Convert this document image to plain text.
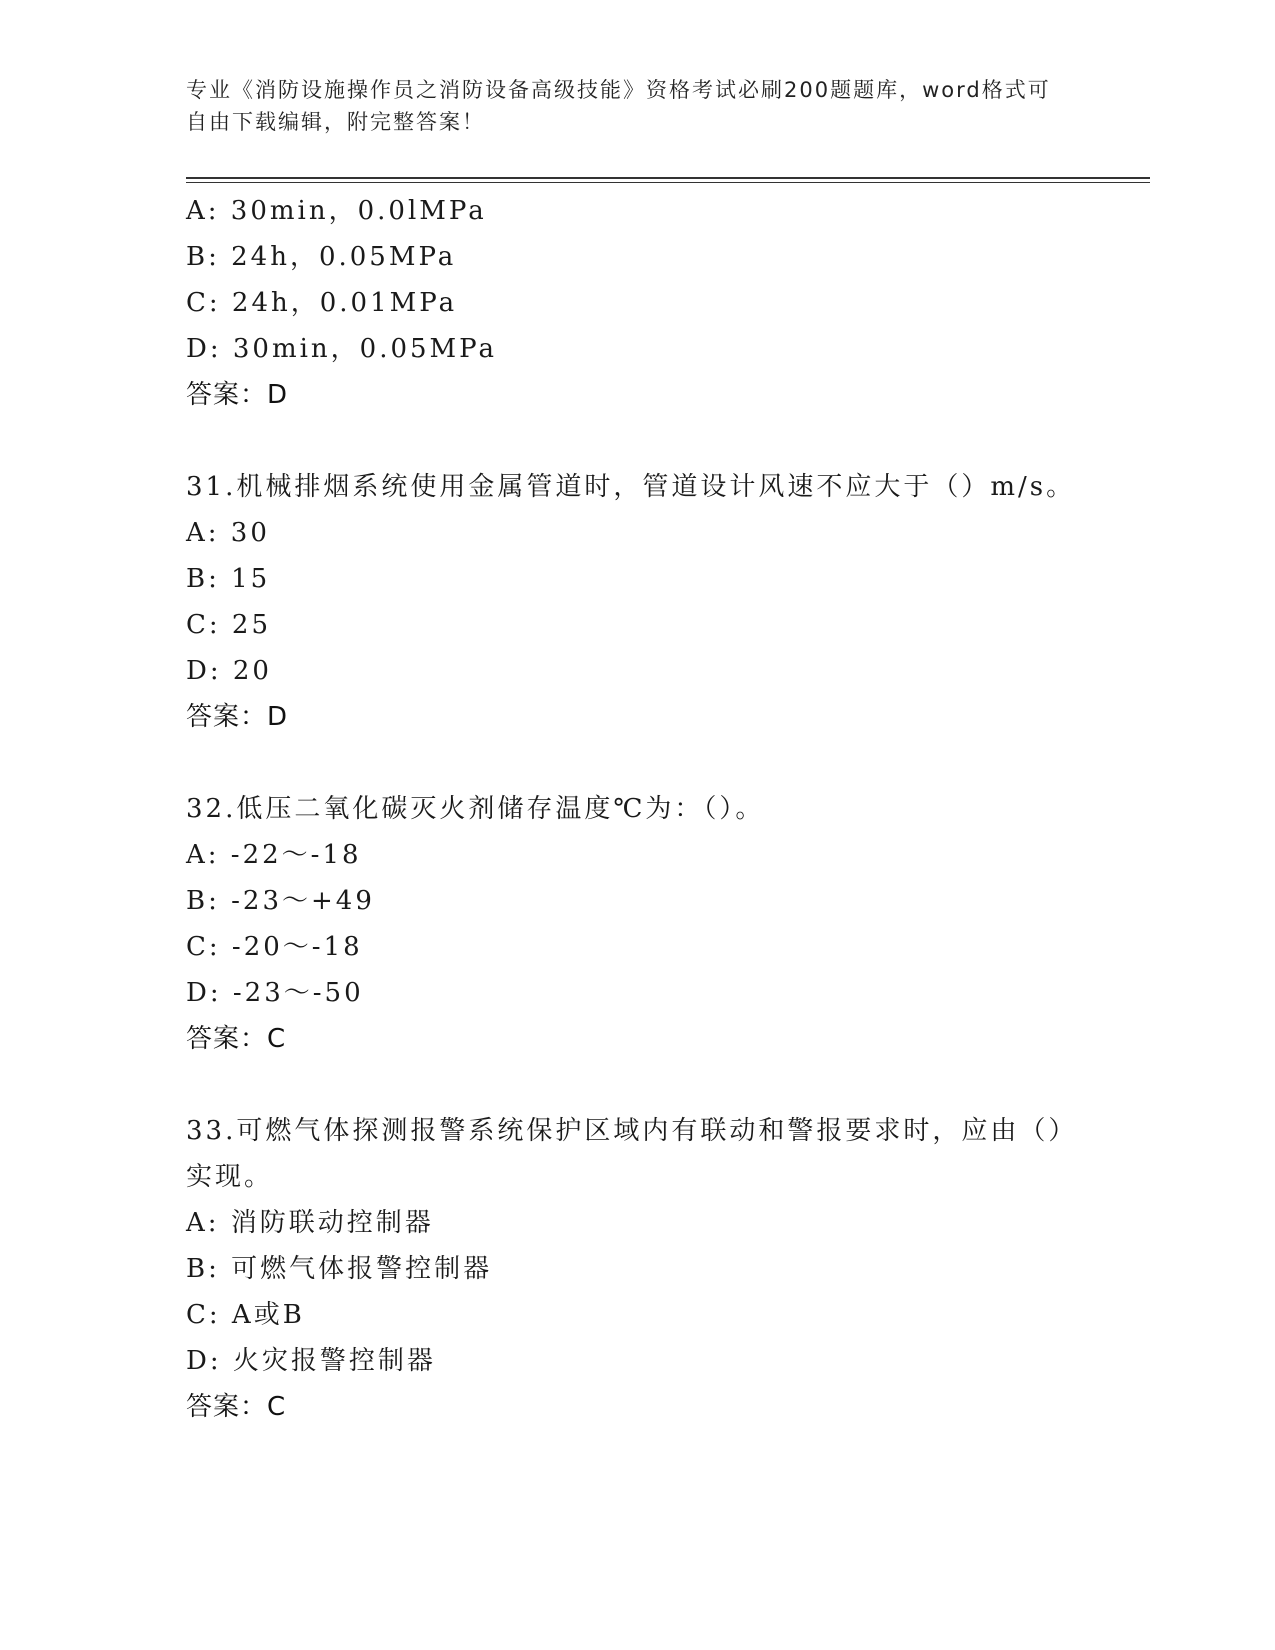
专业《消防设施操作员之消防设备高级技能》资格考试必刷200题题库，word格式可自由下载编辑，附完整答案！
A: 30min，0.0lMPa
B: 24h，0.05MPa
C: 24h，0.01MPa
D: 30min，0.05MPa
答案：D
31.机械排烟系统使用金属管道时，管道设计风速不应大于（）m/s。
A: 30
B: 15
C: 25
D: 20
答案：D
32.低压二氧化碳灭火剂储存温度℃为：（）。
A: -22～-18
B: -23～+49
C: -20～-18
D: -23～-50
答案：C
33.可燃气体探测报警系统保护区域内有联动和警报要求时，应由（）实现。
A: 消防联动控制器
B: 可燃气体报警控制器
C: A或B
D: 火灾报警控制器
答案：C
